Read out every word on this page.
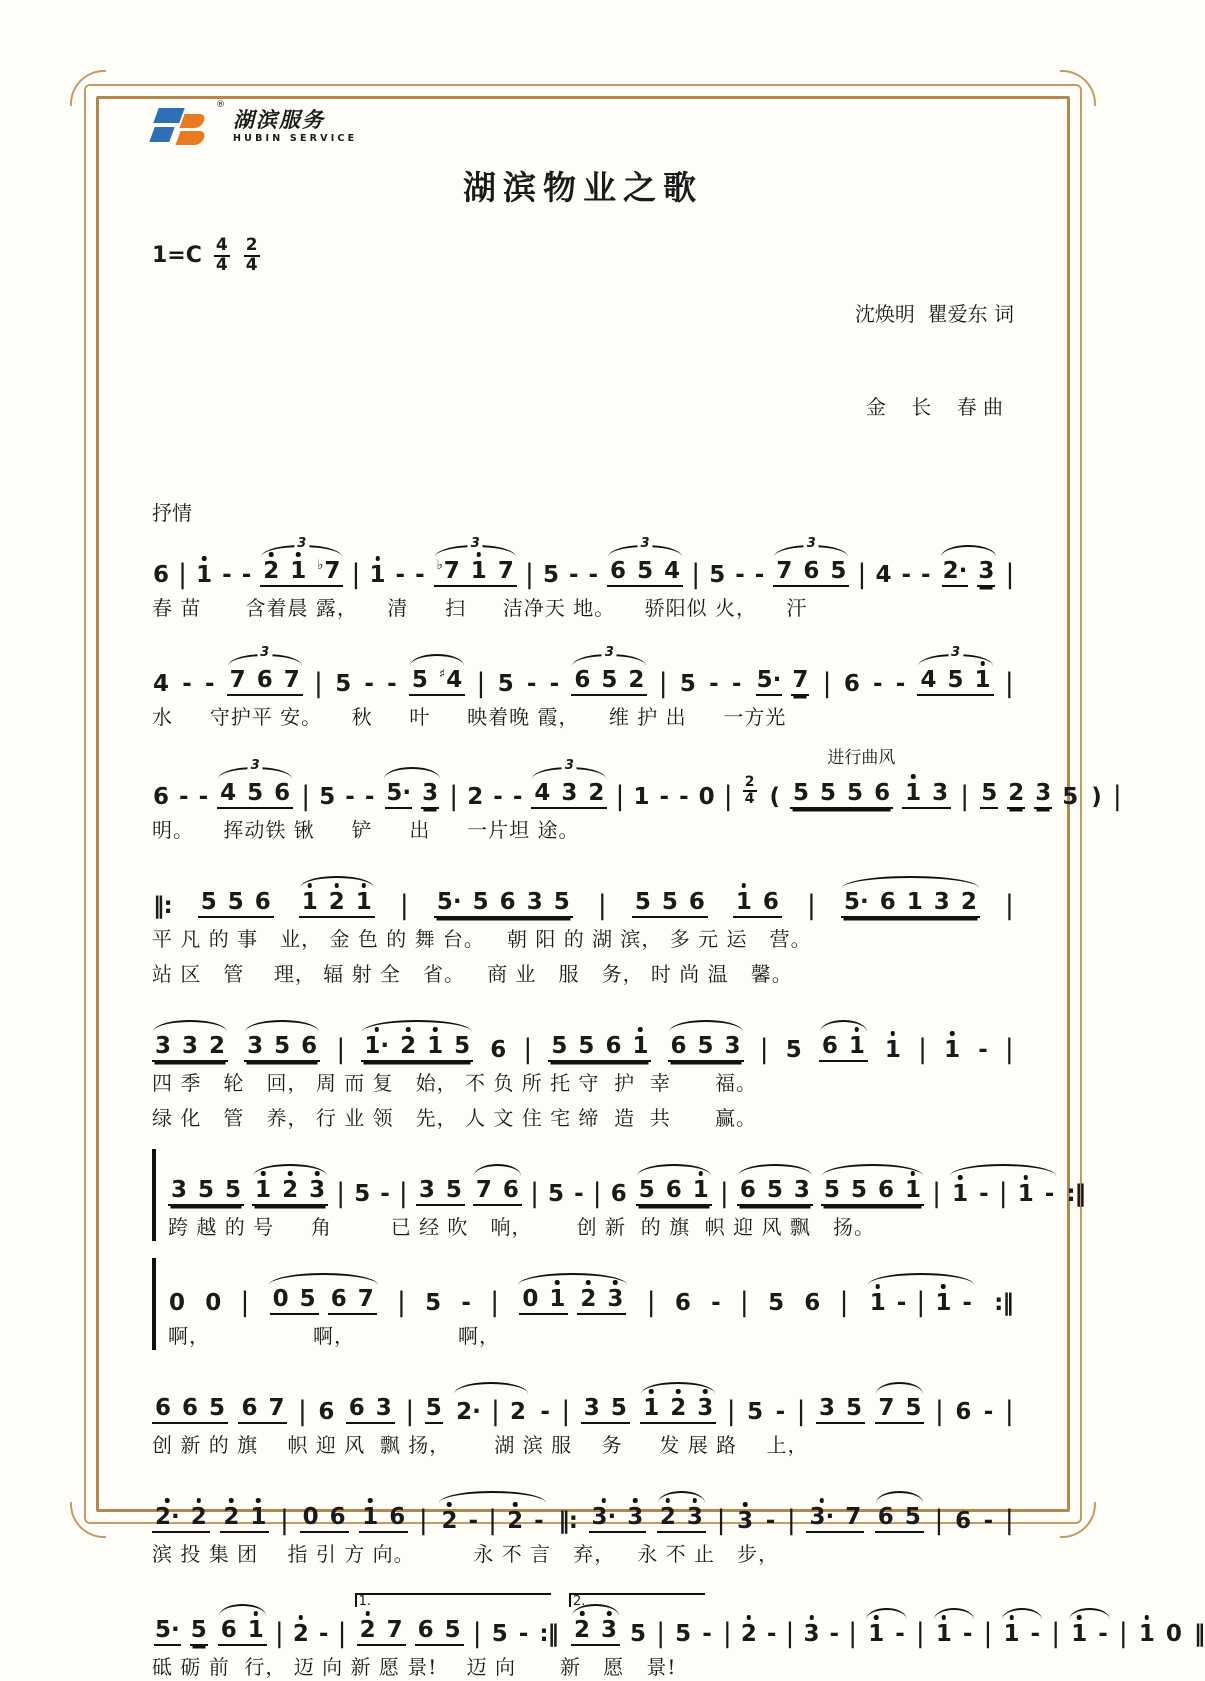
®
湖滨服务
HUBIN SERVICE
湖滨物业之歌
1=C 4
4
2
4

沈焕明  瞿爱东 词

金    长    春 曲

抒情
6 | 1 - -
3
2 1 ♭7 | 1 - -
3
♭7 1 7 | 5 - -
3
6 5 4 | 5 - -
3
7 6 5 | 4 - - 2· 3 |
春 苗      含着晨 露，    清     扫     洁净天 地。    骄阳似 火，    汗
4 - -
3
7 6 7 | 5 - - 5 ♯4 | 5 - -
3
6 5 2 | 5 - - 5· 7 | 6 - -
3
4 5 1 |
水     守护平 安。    秋     叶     映着晚 霞，    维 护 出     一方光
6 - -
3
4 5 6 | 5 - - 5· 3 | 2 - -
3
4 3 2 | 1 - - 0 | $\frac{2}{4}$
进行曲风
( 5 5 5 6 1 3 | 5 2 3 5 ) |
明。    挥动铁 锹     铲     出     一片坦 途。
‖: 5 5 6 1 2 1 | 5· 5 6 3 5 | 5 5 6 1 6 | 5· 6 1 3 2 |
平 凡 的 事   业， 金 色 的 舞 台。   朝 阳 的 湖 滨， 多 元 运   营。
站 区   管    理， 辐 射 全   省。   商 业   服   务， 时 尚 温   馨。
3 3 2 3 5 6 | 1· 2 1 5 6 | 5 5 6 1 6 5 3 | 5 6 1 1 | 1 - |
四 季   轮   回， 周 而 复   始， 不 负 所 托 守  护  幸      福。
绿 化   管   养， 行 业 领   先， 人 文 住 宅 缔  造  共      赢。
3 5 5 1 2 3 | 5 - | 3 5 7 6 | 5 - | 6 5 6 1 | 6 5 3 5 5 6 1 | 1 - | 1 - :‖
跨 越 的 号     角        已 经 吹   响，      创 新  的 旗  帜 迎 风 飘   扬。
0 0 | 0 5 6 7 | 5 - | 0 1 2 3 | 6 - | 5 6 | 1 - | 1 - :‖
啊，              啊，              啊，
6 6 5 6 7 | 6 6 3 | 5 2· | 2 - | 3 5 1 2 3 | 5 - | 3 5 7 5 | 6 - |
创 新 的 旗    帜 迎 风  飘 扬，      湖 滨 服    务     发 展 路    上，
2· 2 2 1 | 0 6 1 6 | 2 - | 2 - ‖: 3· 3 2 3 | 3 - | 3· 7 6 5 | 6 - |
滨 投 集 团    指 引 方 向。        永 不 言   弃，   永 不 止   步，
5· 5 6 1 | 2 - |
1.
2 7 6 5 | 5 - :‖
2.
2 3 5 | 5 - | 2 - | 3 - | 1 - | 1 - | 1 - | 1 - | 1 0 ‖
砥 砺 前  行， 迈 向 新 愿 景!    迈 向      新   愿   景!
